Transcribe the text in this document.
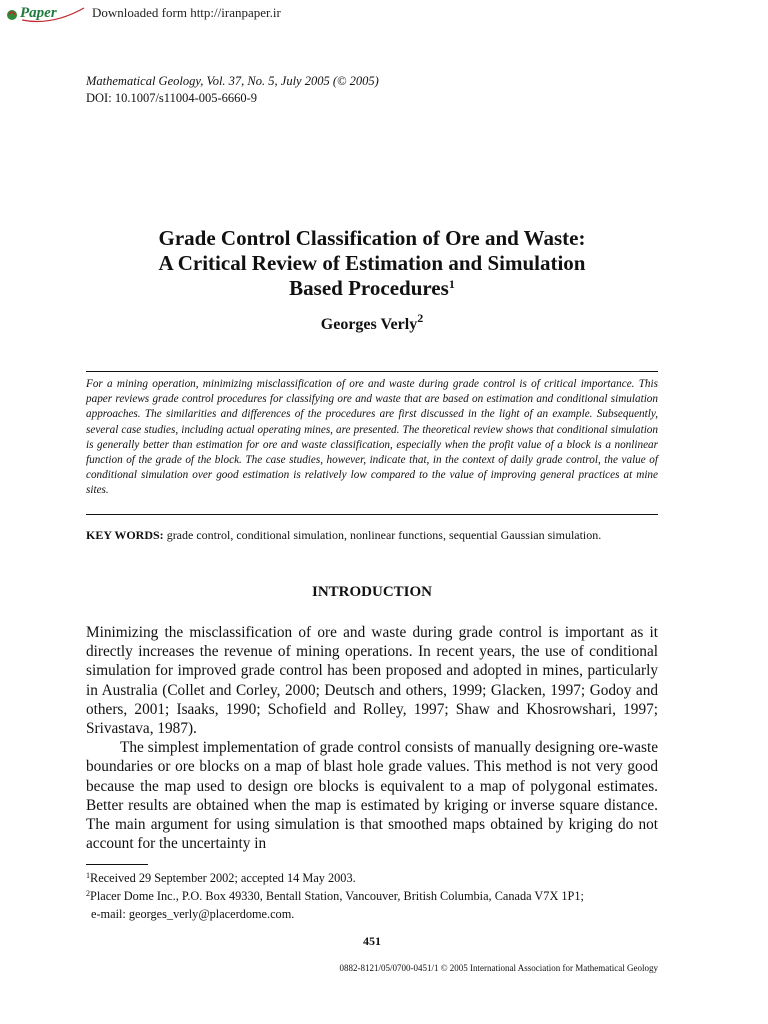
Paper	Downloaded form http://iranpaper.ir
Mathematical Geology, Vol. 37, No. 5, July 2005 (© 2005)
DOI: 10.1007/s11004-005-6660-9
Grade Control Classification of Ore and Waste:
A Critical Review of Estimation and Simulation
Based Procedures$^1$
Georges Verly$^2$
For a mining operation, minimizing misclassification of ore and waste during grade control is of critical importance. This paper reviews grade control procedures for classifying ore and waste that are based on estimation and conditional simulation approaches. The similarities and differences of the procedures are first discussed in the light of an example. Subsequently, several case studies, including actual operating mines, are presented. The theoretical review shows that conditional simulation is generally better than estimation for ore and waste classification, especially when the profit value of a block is a nonlinear function of the grade of the block. The case studies, however, indicate that, in the context of daily grade control, the value of conditional simulation over good estimation is relatively low compared to the value of improving general practices at mine sites.
KEY WORDS: grade control, conditional simulation, nonlinear functions, sequential Gaussian simulation.
INTRODUCTION

Minimizing the misclassification of ore and waste during grade control is important as it directly increases the revenue of mining operations. In recent years, the use of conditional simulation for improved grade control has been proposed and adopted in mines, particularly in Australia (Collet and Corley, 2000; Deutsch and others, 1999; Glacken, 1997; Godoy and others, 2001; Isaaks, 1990; Schofield and Rolley, 1997; Shaw and Khosrowshari, 1997; Srivastava, 1987).

The simplest implementation of grade control consists of manually designing ore-waste boundaries or ore blocks on a map of blast hole grade values. This method is not very good because the map used to design ore blocks is equivalent to a map of polygonal estimates. Better results are obtained when the map is estimated by kriging or inverse square distance. The main argument for using simulation is that smoothed maps obtained by kriging do not account for the uncertainty in

$^1$Received 29 September 2002; accepted 14 May 2003.

$^2$Placer Dome Inc., P.O. Box 49330, Bentall Station, Vancouver, British Columbia, Canada V7X 1P1;

e-mail: georges_verly@placerdome.com.

451
0882-8121/05/0700-0451/1 © 2005 International Association for Mathematical Geology
